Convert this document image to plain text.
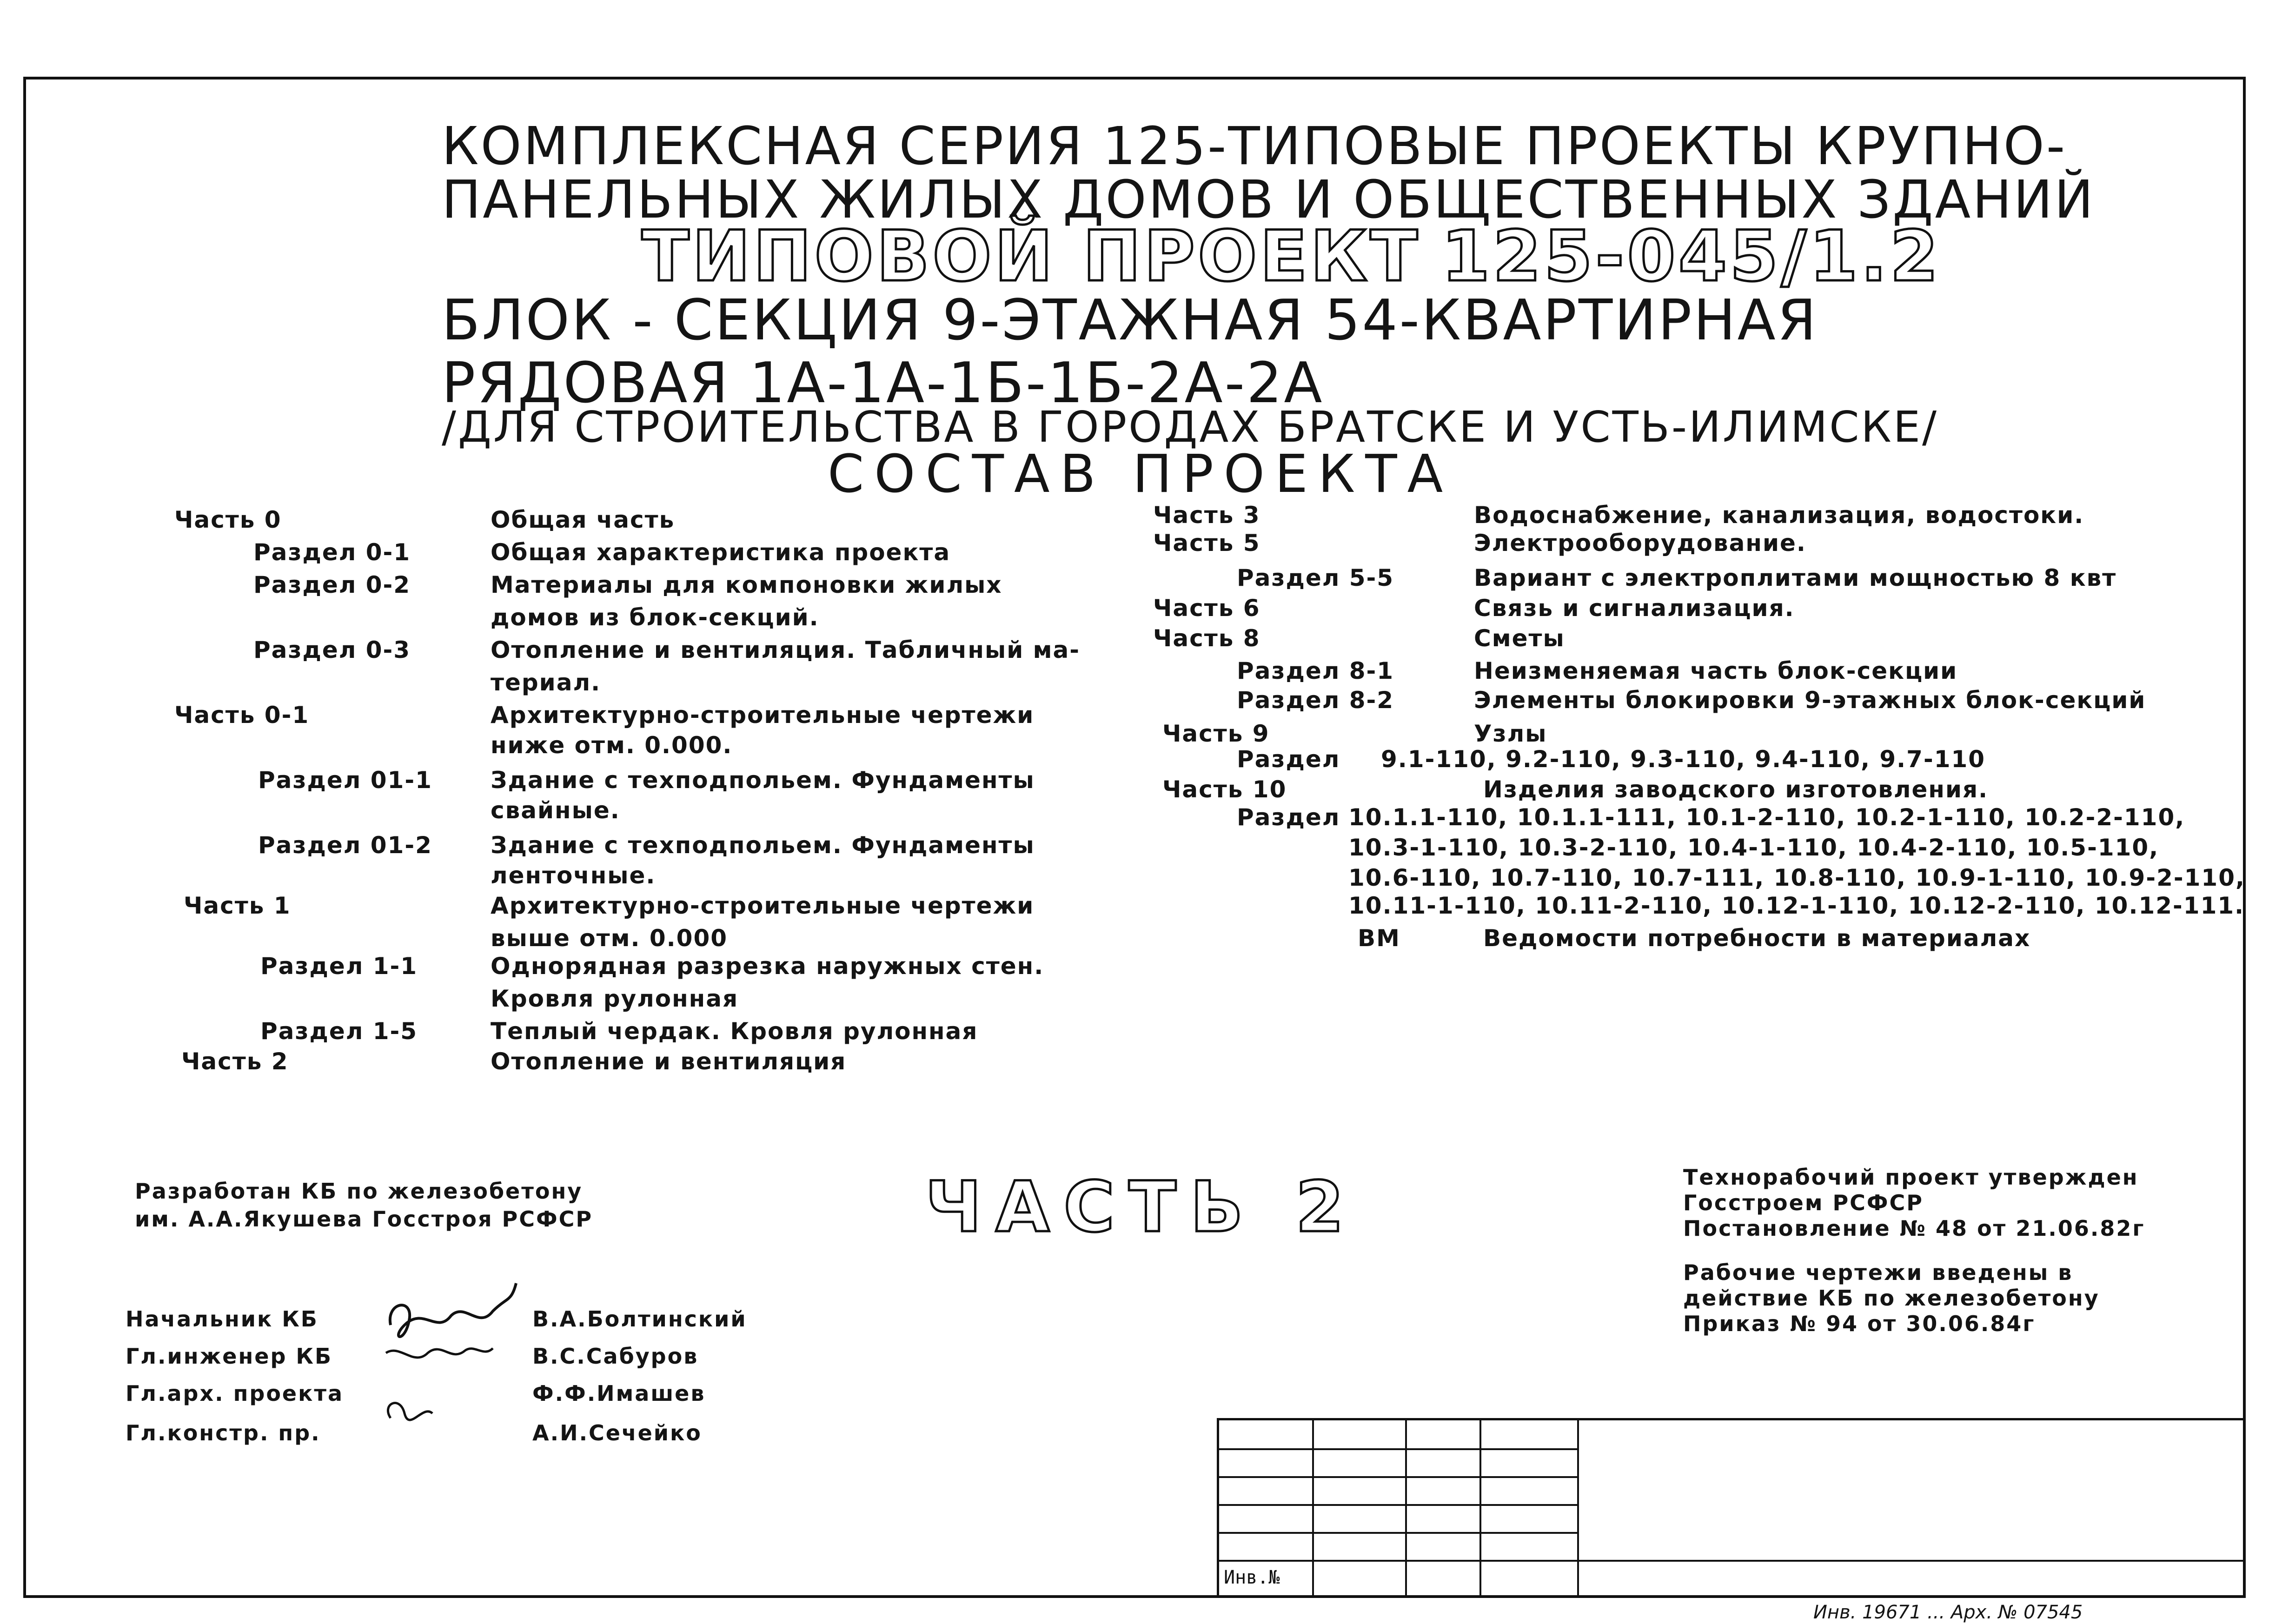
КОМПЛЕКСНАЯ СЕРИЯ 125-ТИПОВЫЕ ПРОЕКТЫ КРУПНО-
ПАНЕЛЬНЫХ ЖИЛЫХ ДОМОВ И ОБЩЕСТВЕННЫХ ЗДАНИЙ
ТИПОВОЙ ПРОЕКТ 125-045/1.2
БЛОК - СЕКЦИЯ 9-ЭТАЖНАЯ 54-КВАРТИРНАЯ
РЯДОВАЯ 1А-1А-1Б-1Б-2А-2А
/ДЛЯ СТРОИТЕЛЬСТВА В ГОРОДАХ БРАТСКЕ И УСТЬ-ИЛИМСКЕ/
СОСТАВ ПРОЕКТА
Часть 0	Общая часть
Раздел 0-1	Общая характеристика проекта
Раздел 0-2	Материалы для компоновки жилых
домов из блок-секций.
Раздел 0-3	Отопление и вентиляция. Табличный ма-
териал.
Часть 0-1	Архитектурно-строительные чертежи
ниже отм. 0.000.
Раздел 01-1	Здание с техподпольем. Фундаменты
свайные.
Раздел 01-2	Здание с техподпольем. Фундаменты
ленточные.
Часть 1	Архитектурно-строительные чертежи
выше отм. 0.000
Раздел 1-1	Однорядная разрезка наружных стен.
Кровля рулонная
Раздел 1-5	Теплый чердак. Кровля рулонная
Часть 2	Отопление и вентиляция
Часть 3	Водоснабжение, канализация, водостоки.
Часть 5	Электрооборудование.
Раздел 5-5	Вариант с электроплитами мощностью 8 квт
Часть 6	Связь и сигнализация.
Часть 8	Сметы
Раздел 8-1	Неизменяемая часть блок-секции
Раздел 8-2	Элементы блокировки 9-этажных блок-секций
Часть 9	Узлы
Раздел 9.1-110, 9.2-110, 9.3-110, 9.4-110, 9.7-110
Часть 10	Изделия заводского изготовления.
Раздел 10.1.1-110, 10.1.1-111, 10.1-2-110, 10.2-1-110, 10.2-2-110,
10.3-1-110, 10.3-2-110, 10.4-1-110, 10.4-2-110, 10.5-110,
10.6-110, 10.7-110, 10.7-111, 10.8-110, 10.9-1-110, 10.9-2-110,
10.11-1-110, 10.11-2-110, 10.12-1-110, 10.12-2-110, 10.12-111.
ВМ	Ведомости потребности в материалах
Разработан КБ по железобетону
им. А.А.Якушева Госстроя РСФСР	ЧАСТЬ 2	Технорабочий проект утвержден
Госстроем РСФСР
Постановление № 48 от 21.06.82г
Рабочие чертежи введены в
действие КБ по железобетону
Приказ № 94 от 30.06.84г
Начальник КБ	В.А.Болтинский
Гл.инженер КБ	В.С.Сабуров
Гл.арх. проекта	Ф.Ф.Имашев
Гл.констр. пр.	А.И.Сечейко
Инв.№
Инв. 19671 ... Арх. № 07545
